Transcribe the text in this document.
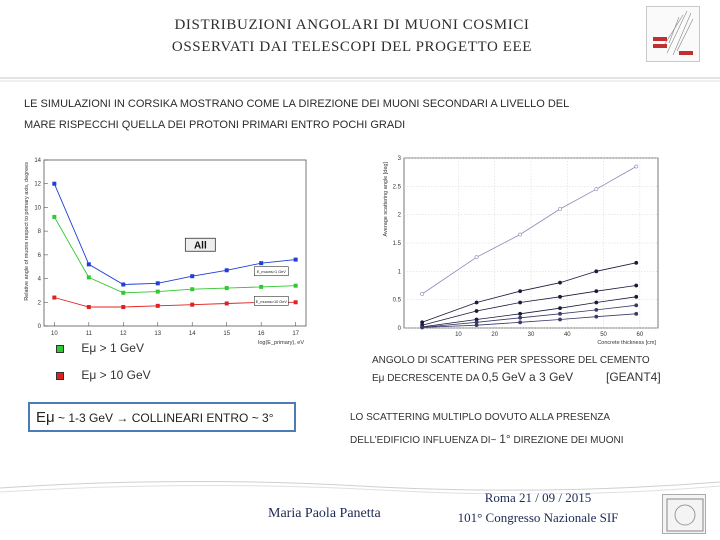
DISTRIBUZIONI ANGOLARI DI MUONI COSMICI
OSSERVATI DAI TELESCOPI DEL PROGETTO EEE
LE SIMULAZIONI IN CORSIKA MOSTRANO COME LA DIREZIONE DEI MUONI SECONDARI A LIVELLO DEL
MARE RISPECCHI QUELLA DEI PROTONI PRIMARI ENTRO POCHI GRADI
10	11	12	13	14	15	16	17
0
2
4
6
8
10
12
14
log(E_primary), eV
Relative angle of muons respect to primary axis, degrees	All
E_muons>1 GeV
E_muons>10 GeV
10	20	30	40	50	60
0
0.5
1
1.5
2
2.5
3
Concrete thickness [cm]
Average scattering angle [deg]
Eμ > 1 GeV
Eμ > 10 GeV
Eμ ~ 1-3 GeV → COLLINEARI ENTRO ~ 3°
ANGOLO DI SCATTERING PER SPESSORE DEL CEMENTO
Eμ DECRESCENTE DA 0,5 GeV a 3 GeV	[GEANT4]
LO SCATTERING MULTIPLO DOVUTO ALLA PRESENZA
DELL’EDIFICIO INFLUENZA DI~ 1° DIREZIONE DEI MUONI
Maria Paola Panetta
Roma 21 / 09 / 2015
101° Congresso Nazionale SIF
